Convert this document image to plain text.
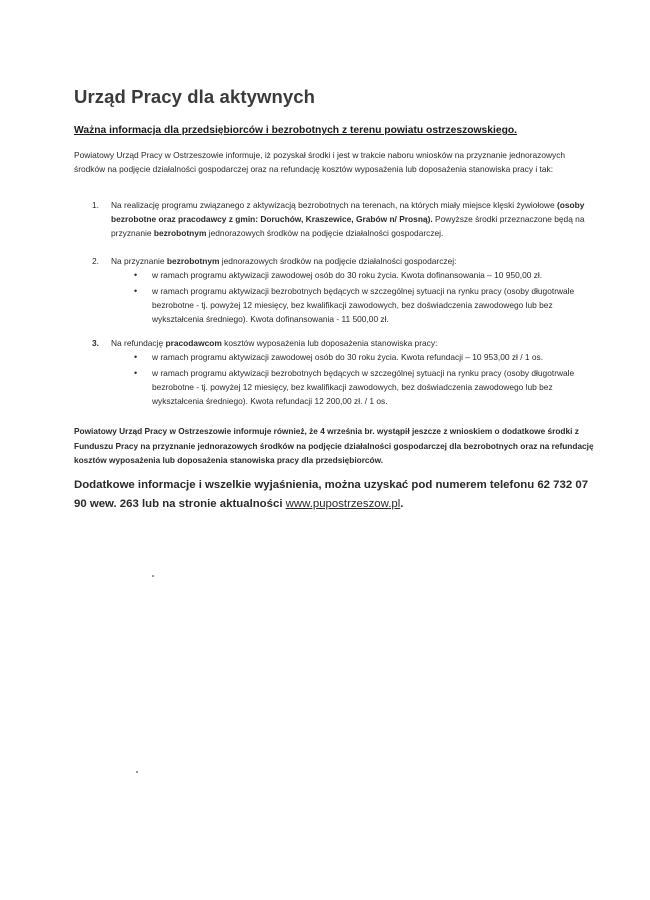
Urząd Pracy dla aktywnych
Ważna informacja dla przedsiębiorców i bezrobotnych z terenu powiatu ostrzeszowskiego.
Powiatowy Urząd Pracy w Ostrzeszowie informuje, iż pozyskał środki i jest w trakcie naboru wniosków na przyznanie jednorazowych środków na podjęcie działalności gospodarczej oraz na refundację kosztów wyposażenia lub doposażenia stanowiska pracy i tak:
1. Na realizację programu związanego z aktywizacją bezrobotnych na terenach, na których miały miejsce klęski żywiołowe (osoby bezrobotne oraz pracodawcy z gmin: Doruchów, Kraszewice, Grabów n/ Prosną). Powyższe środki przeznaczone będą na przyznanie bezrobotnym jednorazowych środków na podjęcie działalności gospodarczej.
2. Na przyznanie bezrobotnym jednorazowych środków na podjęcie działalności gospodarczej:
• w ramach programu aktywizacji zawodowej osób do 30 roku życia. Kwota dofinansowania – 10 950,00 zł.
• w ramach programu aktywizacji bezrobotnych będących w szczególnej sytuacji na rynku pracy (osoby długotrwale bezrobotne - tj. powyżej 12 miesięcy, bez kwalifikacji zawodowych, bez doświadczenia zawodowego lub bez wykształcenia średniego). Kwota dofinansowania - 11 500,00 zł.
3. Na refundację pracodawcom kosztów wyposażenia lub doposażenia stanowiska pracy:
• w ramach programu aktywizacji zawodowej osób do 30 roku życia. Kwota refundacji – 10 953,00 zł / 1 os.
• w ramach programu aktywizacji bezrobotnych będących w szczególnej sytuacji na rynku pracy (osoby długotrwale bezrobotne - tj. powyżej 12 miesięcy, bez kwalifikacji zawodowych, bez doświadczenia zawodowego lub bez wykształcenia średniego). Kwota refundacji 12 200,00 zł. / 1 os.
Powiatowy Urząd Pracy w Ostrzeszowie informuje również, że 4 września br. wystąpił jeszcze z wnioskiem o dodatkowe środki z Funduszu Pracy na przyznanie jednorazowych środków na podjęcie działalności gospodarczej dla bezrobotnych oraz na refundację kosztów wyposażenia lub doposażenia stanowiska pracy dla przedsiębiorców.
Dodatkowe informacje i wszelkie wyjaśnienia, można uzyskać pod numerem telefonu 62 732 07 90 wew. 263 lub na stronie aktualności www.pupostrzeszow.pl.
